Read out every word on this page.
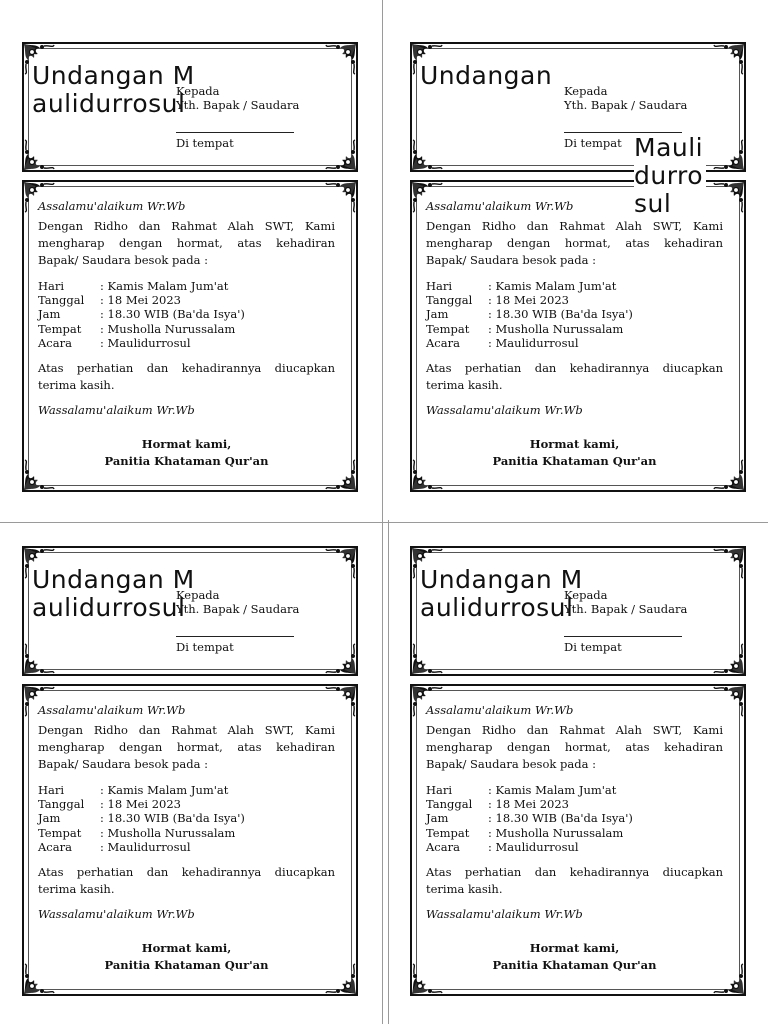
Kepada
Yth. Bapak / Saudara
Di tempat
Undangan Maulidurrosul

Assalamu'alaikum Wr.Wb

Dengan Ridho dan Rahmat Alah SWT, Kami mengharap dengan hormat, atas kehadiran Bapak/ Saudara besok pada :

Hari	: Kamis Malam Jum'at
Tanggal	: 18 Mei 2023
Jam	: 18.30 WIB (Ba'da Isya')
Tempat	: Musholla Nurussalam
Acara	: Maulidurrosul

Atas perhatian dan kehadirannya diucapkan terima kasih.

Wassalamu'alaikum Wr.Wb

Hormat kami,

Panitia Khataman Qur'an

Kepada
Yth. Bapak / Saudara
Di tempat
Undangan
Maulidurrosul

Assalamu'alaikum Wr.Wb

Dengan Ridho dan Rahmat Alah SWT, Kami mengharap dengan hormat, atas kehadiran Bapak/ Saudara besok pada :

Hari	: Kamis Malam Jum'at
Tanggal	: 18 Mei 2023
Jam	: 18.30 WIB (Ba'da Isya')
Tempat	: Musholla Nurussalam
Acara	: Maulidurrosul

Atas perhatian dan kehadirannya diucapkan terima kasih.

Wassalamu'alaikum Wr.Wb

Hormat kami,

Panitia Khataman Qur'an

Kepada
Yth. Bapak / Saudara
Di tempat
Undangan Maulidurrosul

Assalamu'alaikum Wr.Wb

Dengan Ridho dan Rahmat Alah SWT, Kami mengharap dengan hormat, atas kehadiran Bapak/ Saudara besok pada :

Hari	: Kamis Malam Jum'at
Tanggal	: 18 Mei 2023
Jam	: 18.30 WIB (Ba'da Isya')
Tempat	: Musholla Nurussalam
Acara	: Maulidurrosul

Atas perhatian dan kehadirannya diucapkan terima kasih.

Wassalamu'alaikum Wr.Wb

Hormat kami,

Panitia Khataman Qur'an

Kepada
Yth. Bapak / Saudara
Di tempat
Undangan Maulidurrosul

Assalamu'alaikum Wr.Wb

Dengan Ridho dan Rahmat Alah SWT, Kami mengharap dengan hormat, atas kehadiran Bapak/ Saudara besok pada :

Hari	: Kamis Malam Jum'at
Tanggal	: 18 Mei 2023
Jam	: 18.30 WIB (Ba'da Isya')
Tempat	: Musholla Nurussalam
Acara	: Maulidurrosul

Atas perhatian dan kehadirannya diucapkan terima kasih.

Wassalamu'alaikum Wr.Wb

Hormat kami,

Panitia Khataman Qur'an
